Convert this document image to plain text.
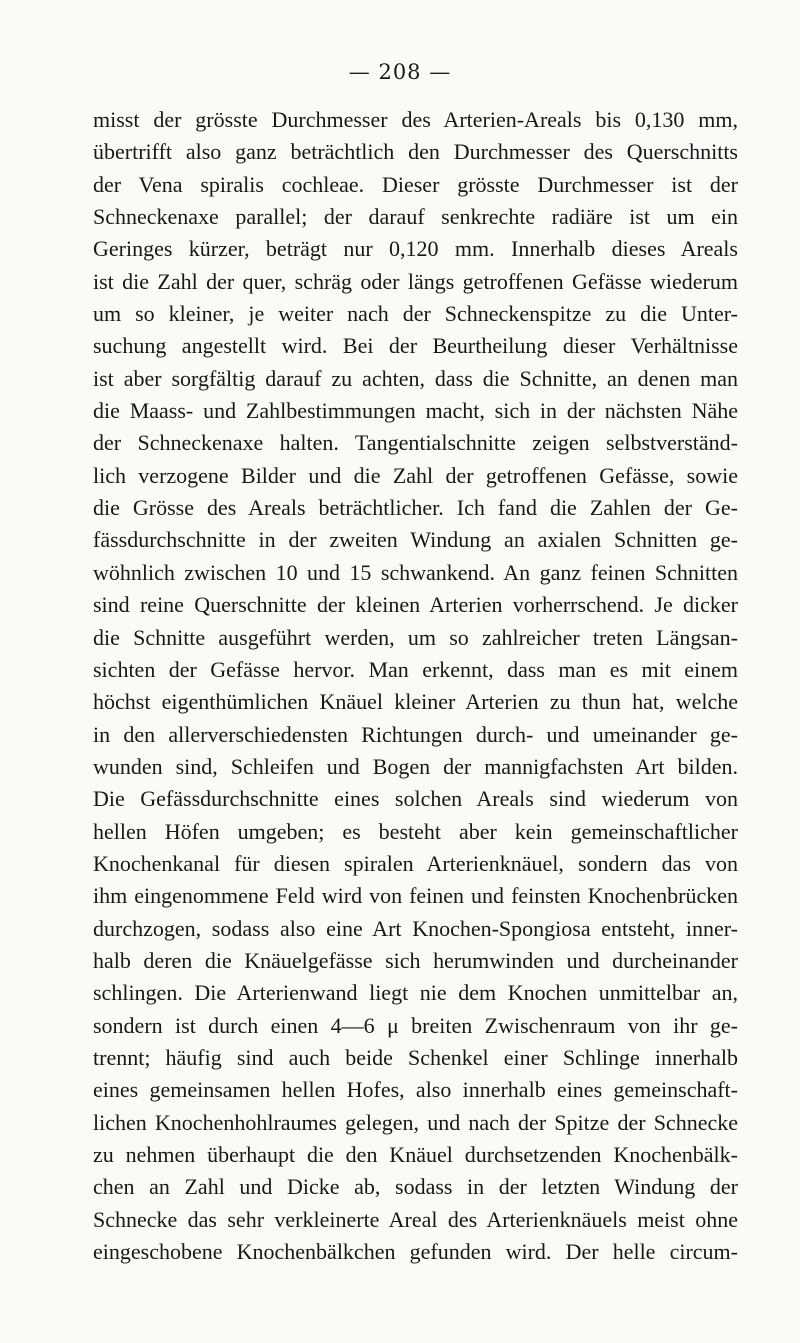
— 208 —
misst der grösste Durchmesser des Arterien-Areals bis 0,130 mm,
übertrifft also ganz beträchtlich den Durchmesser des Querschnitts
der Vena spiralis cochleae. Dieser grösste Durchmesser ist der
Schneckenaxe parallel; der darauf senkrechte radiäre ist um ein
Geringes kürzer, beträgt nur 0,120 mm. Innerhalb dieses Areals
ist die Zahl der quer, schräg oder längs getroffenen Gefässe wiederum
um so kleiner, je weiter nach der Schneckenspitze zu die Unter-
suchung angestellt wird. Bei der Beurtheilung dieser Verhältnisse
ist aber sorgfältig darauf zu achten, dass die Schnitte, an denen man
die Maass- und Zahlbestimmungen macht, sich in der nächsten Nähe
der Schneckenaxe halten. Tangentialschnitte zeigen selbstverständ-
lich verzogene Bilder und die Zahl der getroffenen Gefässe, sowie
die Grösse des Areals beträchtlicher. Ich fand die Zahlen der Ge-
fässdurchschnitte in der zweiten Windung an axialen Schnitten ge-
wöhnlich zwischen 10 und 15 schwankend. An ganz feinen Schnitten
sind reine Querschnitte der kleinen Arterien vorherrschend. Je dicker
die Schnitte ausgeführt werden, um so zahlreicher treten Längsan-
sichten der Gefässe hervor. Man erkennt, dass man es mit einem
höchst eigenthümlichen Knäuel kleiner Arterien zu thun hat, welche
in den allerverschiedensten Richtungen durch- und umeinander ge-
wunden sind, Schleifen und Bogen der mannigfachsten Art bilden.
Die Gefässdurchschnitte eines solchen Areals sind wiederum von
hellen Höfen umgeben; es besteht aber kein gemeinschaftlicher
Knochenkanal für diesen spiralen Arterienknäuel, sondern das von
ihm eingenommene Feld wird von feinen und feinsten Knochenbrücken
durchzogen, sodass also eine Art Knochen-Spongiosa entsteht, inner-
halb deren die Knäuelgefässe sich herumwinden und durcheinander
schlingen. Die Arterienwand liegt nie dem Knochen unmittelbar an,
sondern ist durch einen 4—6 μ breiten Zwischenraum von ihr ge-
trennt; häufig sind auch beide Schenkel einer Schlinge innerhalb
eines gemeinsamen hellen Hofes, also innerhalb eines gemeinschaft-
lichen Knochenhohlraumes gelegen, und nach der Spitze der Schnecke
zu nehmen überhaupt die den Knäuel durchsetzenden Knochenbälk-
chen an Zahl und Dicke ab, sodass in der letzten Windung der
Schnecke das sehr verkleinerte Areal des Arterienknäuels meist ohne
eingeschobene Knochenbälkchen gefunden wird. Der helle circum-
